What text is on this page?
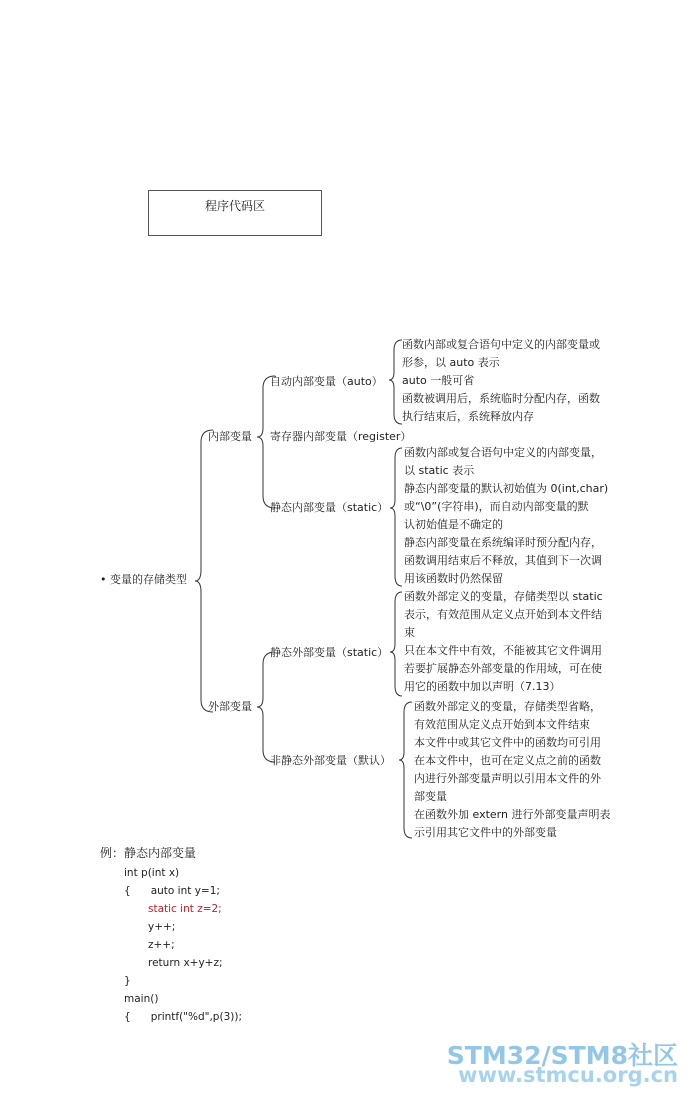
程序代码区
• 变量的存储类型
内部变量
外部变量
自动内部变量（auto）
寄存器内部变量（register）
静态内部变量（static）
静态外部变量（static）
非静态外部变量（默认）
函数内部或复合语句中定义的内部变量或
形参，以 auto 表示
auto 一般可省
函数被调用后，系统临时分配内存，函数
执行结束后，系统释放内存
函数内部或复合语句中定义的内部变量，
以 static 表示
静态内部变量的默认初始值为 0(int,char)
或“\0”(字符串)，而自动内部变量的默
认初始值是不确定的
静态内部变量在系统编译时预分配内存，
函数调用结束后不释放，其值到下一次调
用该函数时仍然保留
函数外部定义的变量，存储类型以 static
表示，有效范围从定义点开始到本文件结
束
只在本文件中有效，不能被其它文件调用
若要扩展静态外部变量的作用域，可在使
用它的函数中加以声明（7.13）
函数外部定义的变量，存储类型省略，
有效范围从定义点开始到本文件结束
本文件中或其它文件中的函数均可引用
在本文件中，也可在定义点之前的函数
内进行外部变量声明以引用本文件的外
部变量
在函数外加 extern 进行外部变量声明表
示引用其它文件中的外部变量
例：静态内部变量
int p(int x)
{      auto int y=1;
static int z=2;
y++;
z++;
return x+y+z;
}
main()
{      printf("%d",p(3));
STM32/STM8社区
www.stmcu.org.cn
